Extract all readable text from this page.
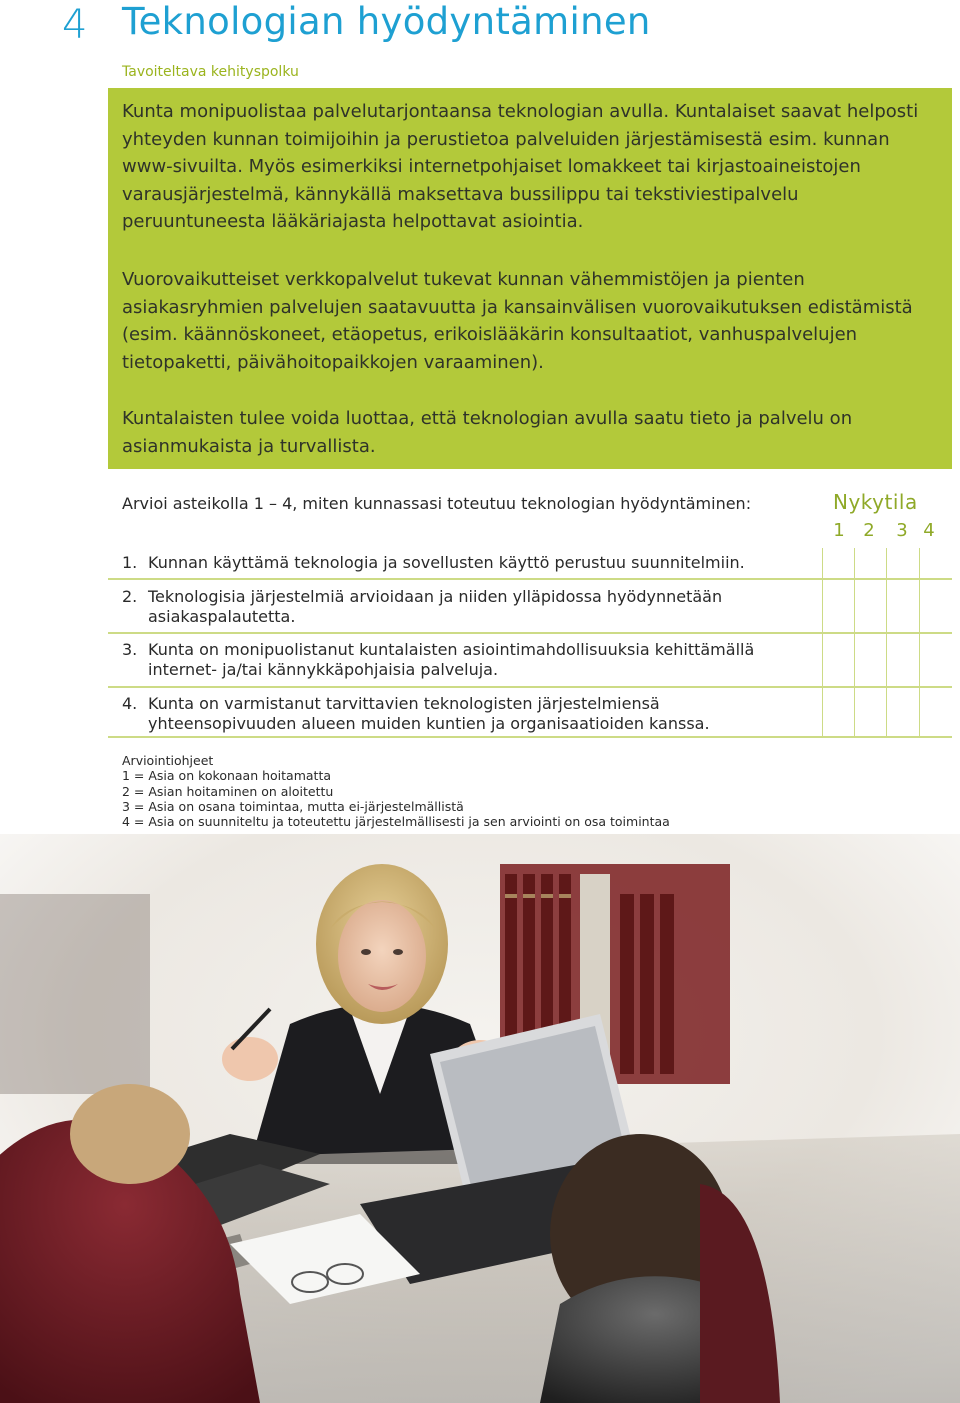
4 Teknologian hyödyntäminen
Tavoiteltava kehityspolku

Kunta monipuolistaa palvelutarjontaansa teknologian avulla. Kuntalaiset saavat helposti yhteyden kunnan toimijoihin ja perustietoa palveluiden järjestämisestä esim. kunnan www-sivuilta. Myös esimerkiksi internetpohjaiset lomakkeet tai kirjastoaineistojen varausjärjestelmä, kännykällä maksettava bussilippu tai tekstiviestipalvelu peruuntuneesta lääkäriajasta helpottavat asiointia.

Vuorovaikutteiset verkkopalvelut tukevat kunnan vähemmistöjen ja pienten asiakasryhmien palvelujen saatavuutta ja kansainvälisen vuorovaikutuksen edistämistä (esim. käännöskoneet, etäopetus, erikoislääkärin konsultaatiot, vanhuspalvelujen tietopaketti, päivähoitopaikkojen varaaminen).

Kuntalaisten tulee voida luottaa, että teknologian avulla saatu tieto ja palvelu on asianmukaista ja turvallista.

Arvioi asteikolla 1 – 4, miten kunnassasi toteutuu teknologian hyödyntäminen:	Nykytila
1 2 3 4
1. Kunnan käyttämä teknologia ja sovellusten käyttö perustuu suunnitelmiin.
2. Teknologisia järjestelmiä arvioidaan ja niiden ylläpidossa hyödynnetään asiakaspalautetta.
3. Kunta on monipuolistanut kuntalaisten asiointimahdollisuuksia kehittämällä internet- ja/tai kännykkäpohjaisia palveluja.
4. Kunta on varmistanut tarvittavien teknologisten järjestelmiensä yhteensopivuuden alueen muiden kuntien ja organisaatioiden kanssa.
Arviointiohjeet
1 = Asia on kokonaan hoitamatta
2 = Asian hoitaminen on aloitettu
3 = Asia on osana toimintaa, mutta ei-järjestelmällistä
4 = Asia on suunniteltu ja toteutettu järjestelmällisesti ja sen arviointi on osa toimintaa
